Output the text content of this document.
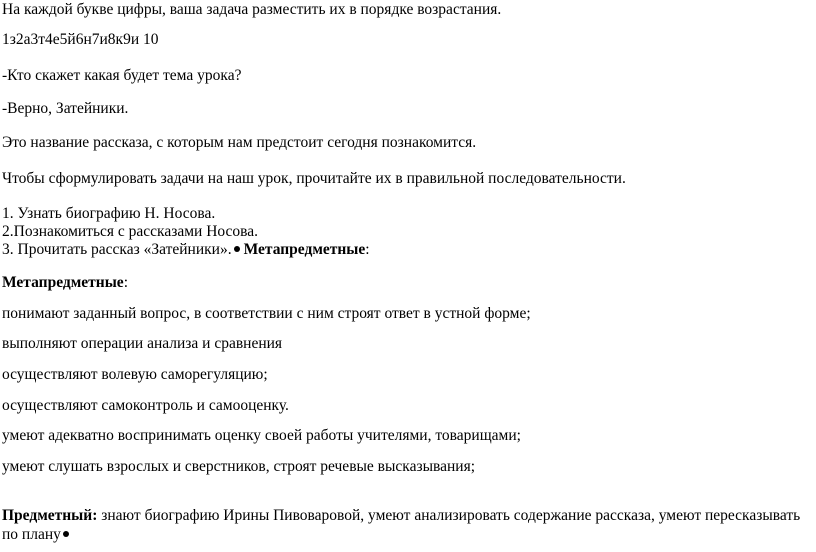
На каждой букве цифры, ваша задача разместить их в порядке возрастания.
1з2а3т4е5й6н7и8к9и 10
-Кто скажет какая будет тема урока?
-Верно, Затейники.
Это название рассказа, с которым нам предстоит сегодня познакомится.
Чтобы сформулировать задачи на наш урок, прочитайте их в правильной последовательности.
1. Узнать биографию Н. Носова.
2.Познакомиться с рассказами Носова.
3. Прочитать рассказ «Затейники». Метапредметные:
Метапредметные:
понимают заданный вопрос, в соответствии с ним строят ответ в устной форме;
выполняют операции анализа и сравнения
осуществляют волевую саморегуляцию;
осуществляют самоконтроль и самооценку.
умеют адекватно воспринимать оценку своей работы учителями, товарищами;
умеют слушать взрослых и сверстников, строят речевые высказывания;
Предметный: знают биографию Ирины Пивоваровой, умеют анализировать содержание рассказа, умеют пересказывать по плану
